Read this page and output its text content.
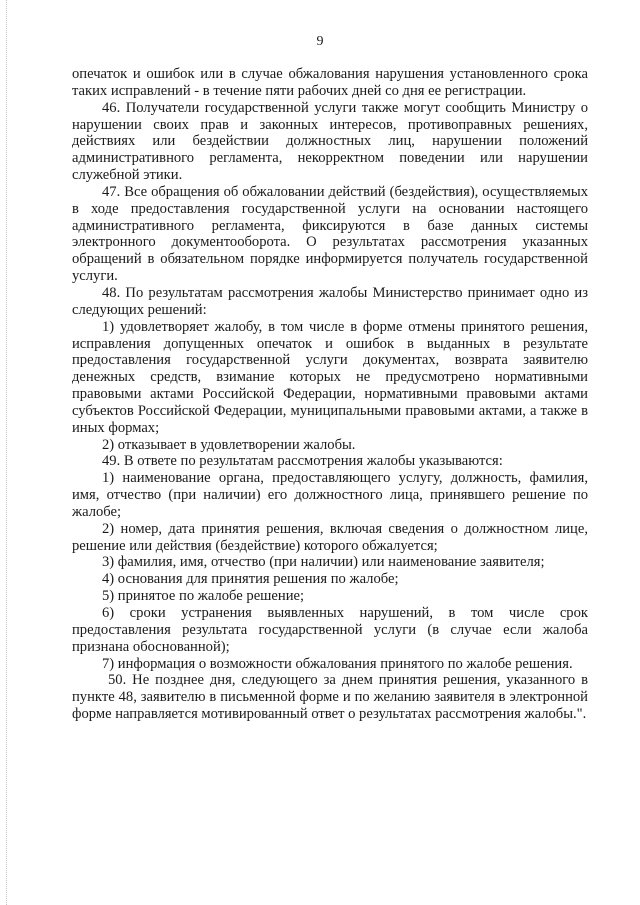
9

опечаток и ошибок или в случае обжалования нарушения установленного срока таких исправлений - в течение пяти рабочих дней со дня ее регистрации.

46. Получатели государственной услуги также могут сообщить Министру о нарушении своих прав и законных интересов, противоправных решениях, действиях или бездействии должностных лиц, нарушении положений административного регламента, некорректном поведении или нарушении служебной этики.

47. Все обращения об обжаловании действий (бездействия), осуществляемых в ходе предоставления государственной услуги на основании настоящего административного регламента, фиксируются в базе данных системы электронного документооборота. О результатах рассмотрения указанных обращений в обязательном порядке информируется получатель государственной услуги.

48. По результатам рассмотрения жалобы Министерство принимает одно из следующих решений:

1) удовлетворяет жалобу, в том числе в форме отмены принятого решения, исправления допущенных опечаток и ошибок в выданных в результате предоставления государственной услуги документах, возврата заявителю денежных средств, взимание которых не предусмотрено нормативными правовыми актами Российской Федерации, нормативными правовыми актами субъектов Российской Федерации, муниципальными правовыми актами, а также в иных формах;

2) отказывает в удовлетворении жалобы.

49. В ответе по результатам рассмотрения жалобы указываются:

1) наименование органа, предоставляющего услугу, должность, фамилия, имя, отчество (при наличии) его должностного лица, принявшего решение по жалобе;

2) номер, дата принятия решения, включая сведения о должностном лице, решение или действия (бездействие) которого обжалуется;

3) фамилия, имя, отчество (при наличии) или наименование заявителя;

4) основания для принятия решения по жалобе;

5) принятое по жалобе решение;

6) сроки устранения выявленных нарушений, в том числе срок предоставления результата государственной услуги (в случае если жалоба признана обоснованной);

7) информация о возможности обжалования принятого по жалобе решения.

50. Не позднее дня, следующего за днем принятия решения, указанного в пункте 48, заявителю в письменной форме и по желанию заявителя в электронной форме направляется мотивированный ответ о результатах рассмотрения жалобы.".
